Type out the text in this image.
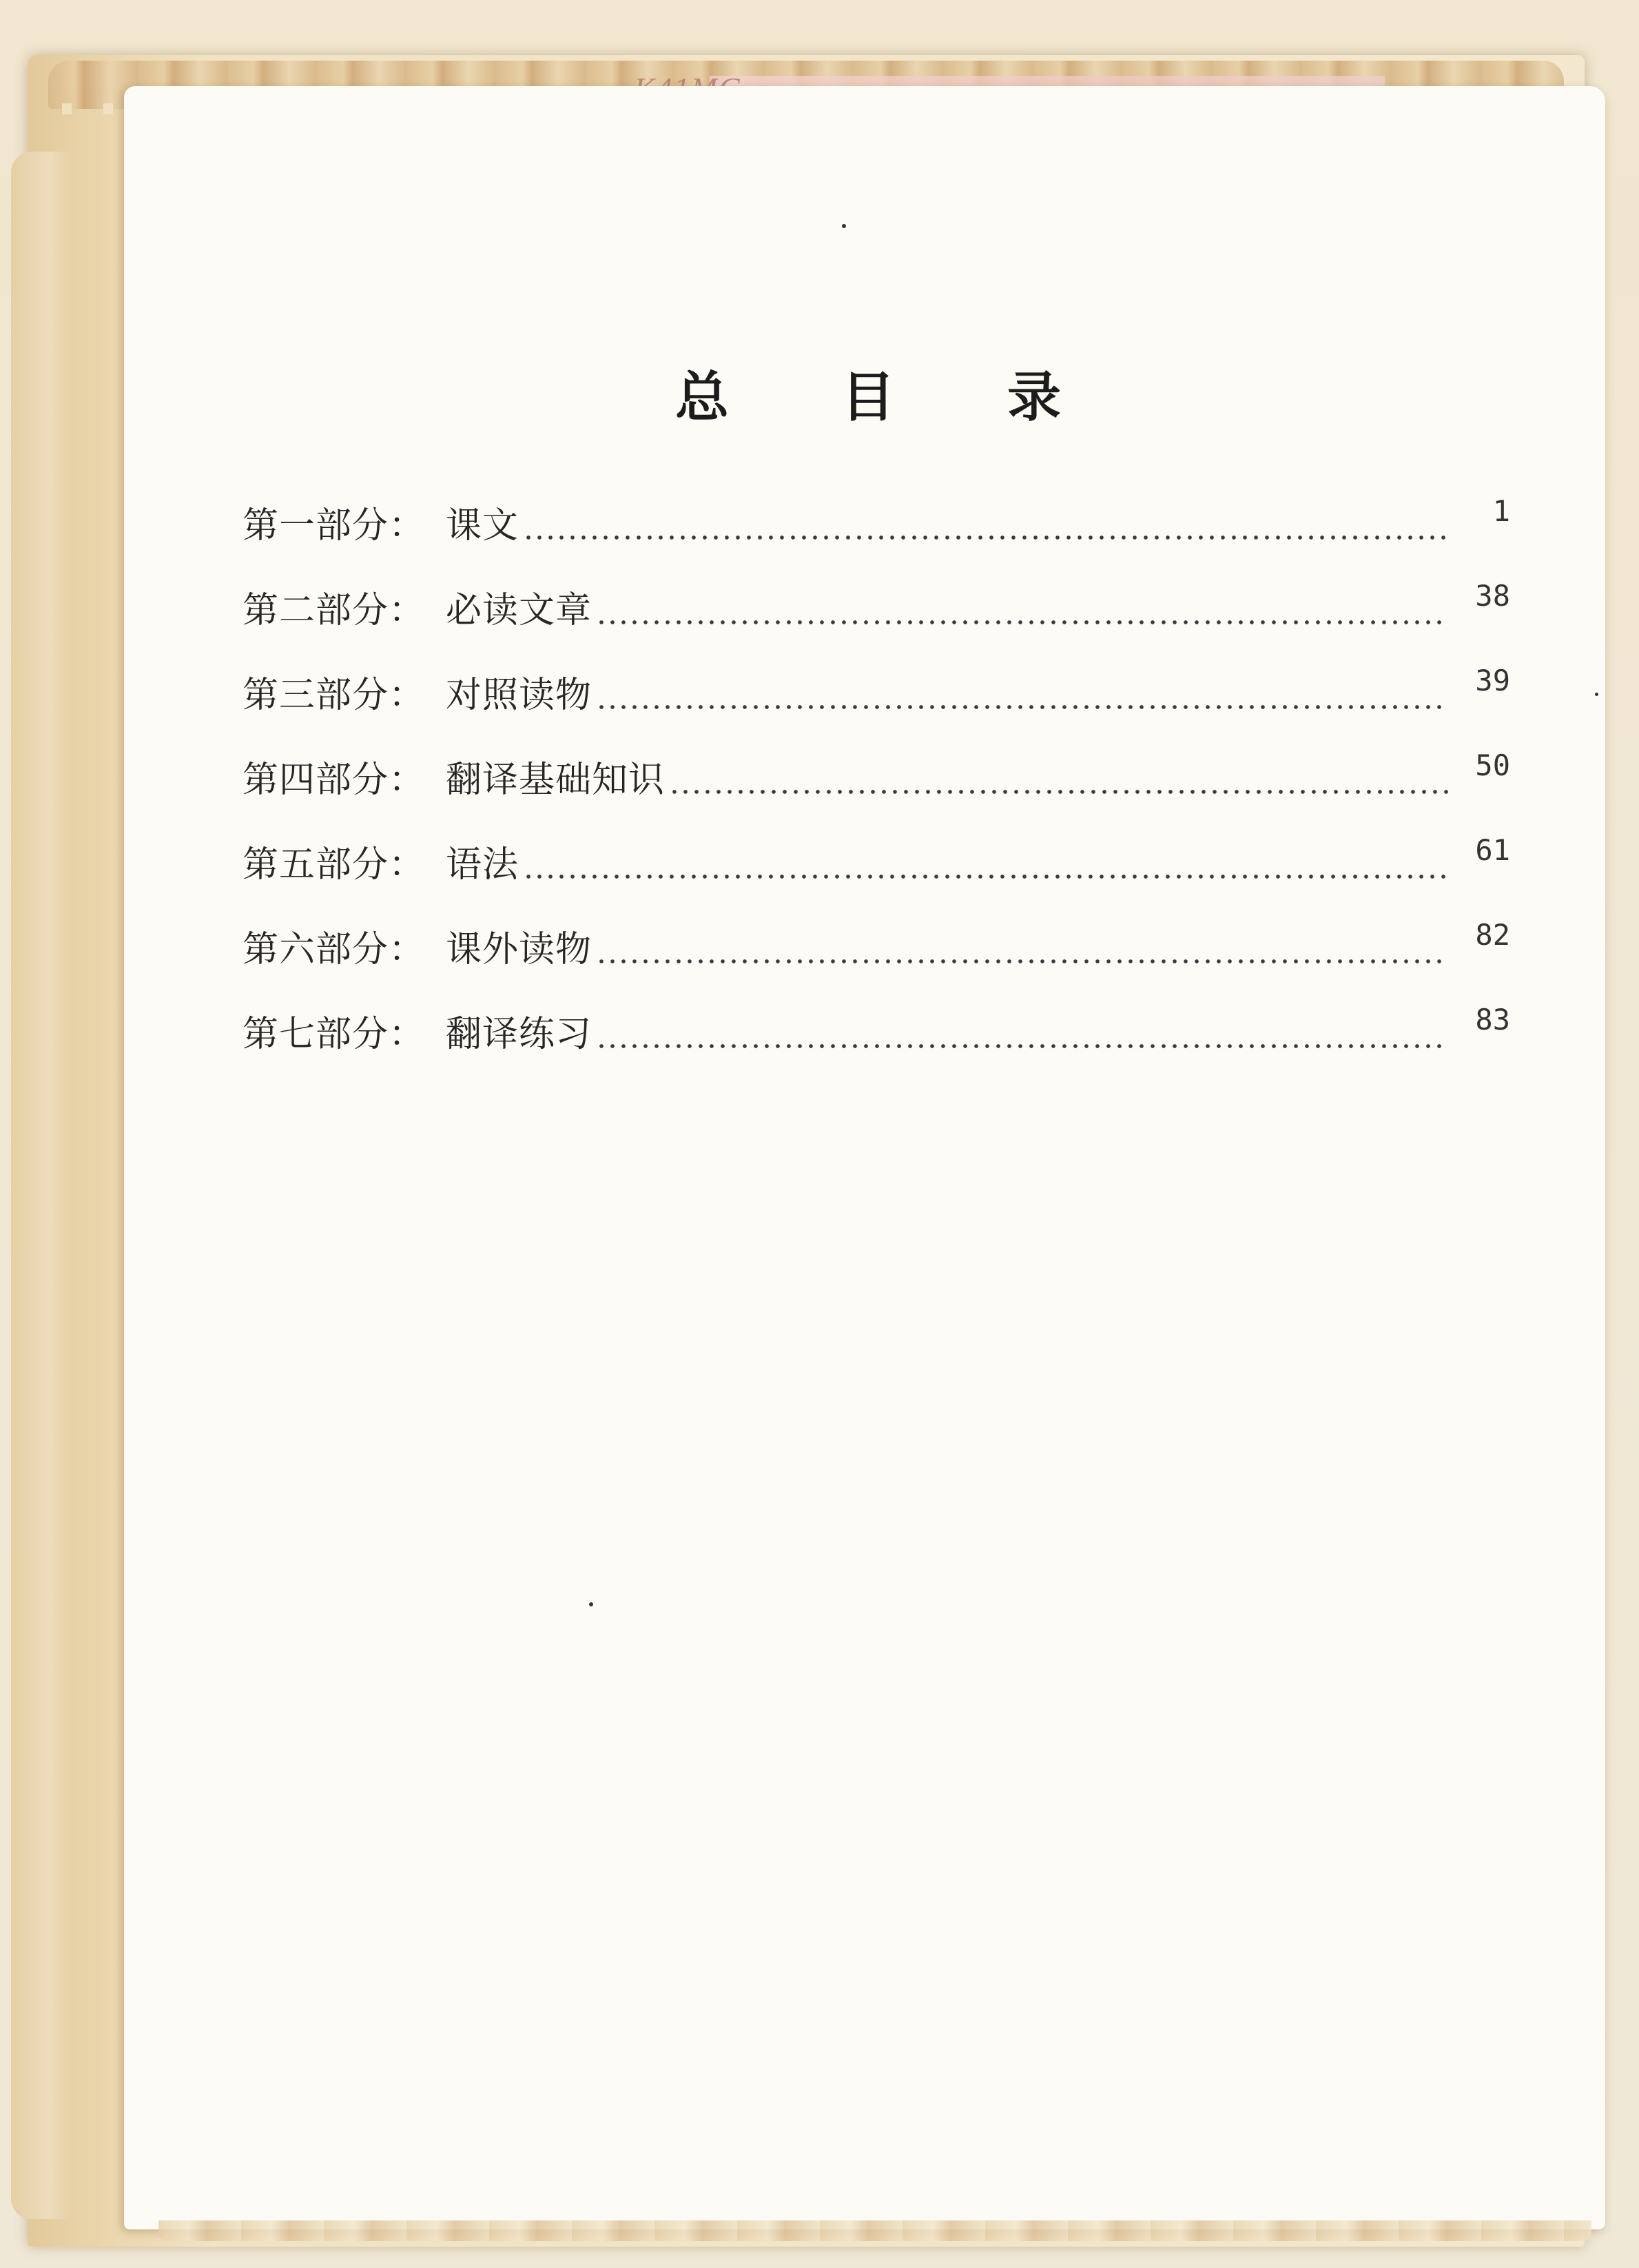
总 目 录
第一部分： 课文	1
第二部分： 必读文章	38
第三部分： 对照读物	39
第四部分： 翻译基础知识	50
第五部分： 语法	61
第六部分： 课外读物	82
第七部分： 翻译练习	83
